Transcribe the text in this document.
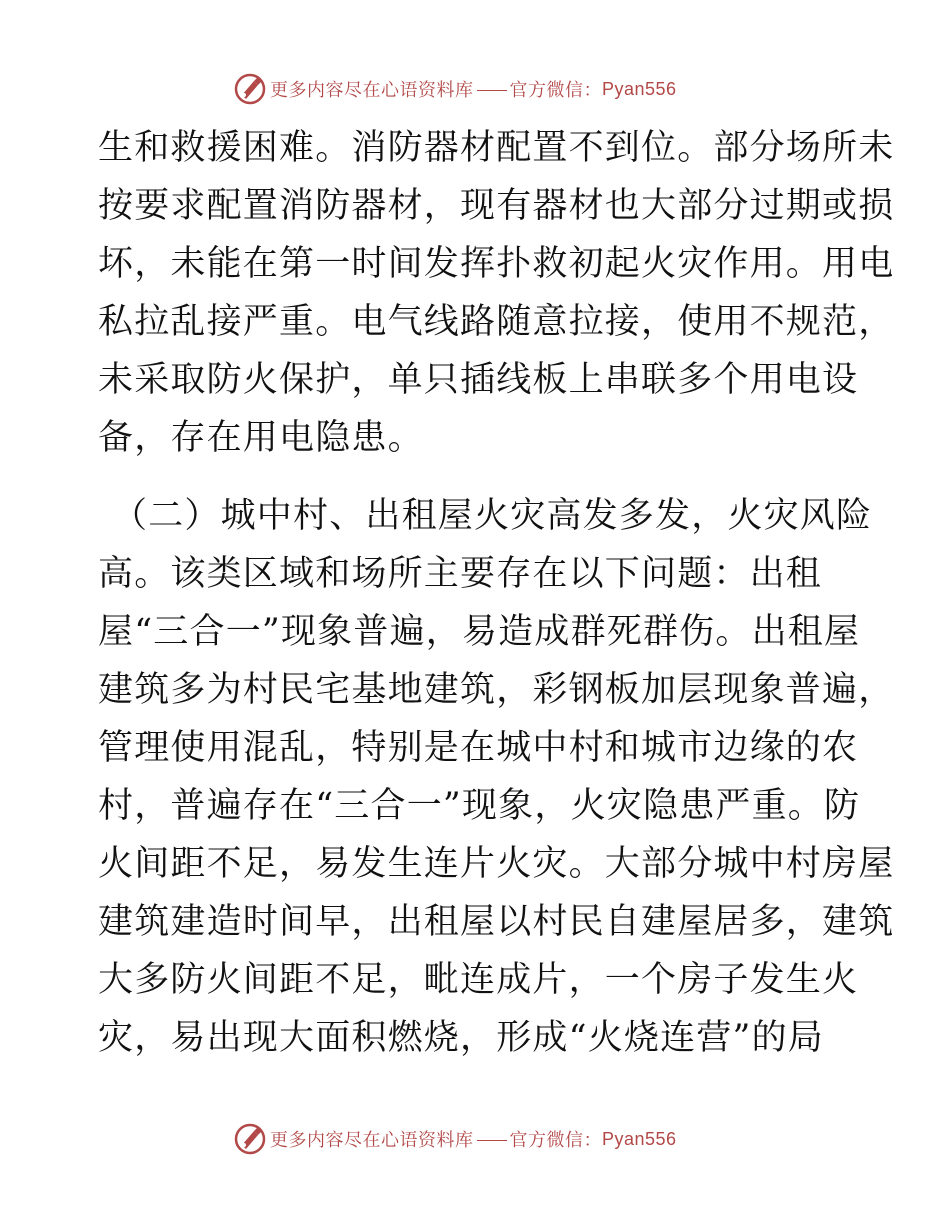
更多内容尽在心语资料库 官方微信： Pyan556
生和救援困难。消防器材配置不到位。部分场所未
按要求配置消防器材，现有器材也大部分过期或损
坏，未能在第一时间发挥扑救初起火灾作用。用电
私拉乱接严重。电气线路随意拉接，使用不规范，
未采取防火保护，单只插线板上串联多个用电设
备，存在用电隐患。
（二）城中村、出租屋火灾高发多发，火灾风险
高。该类区域和场所主要存在以下问题：出租
屋“三合一”现象普遍，易造成群死群伤。出租屋
建筑多为村民宅基地建筑，彩钢板加层现象普遍，
管理使用混乱，特别是在城中村和城市边缘的农
村，普遍存在“三合一”现象，火灾隐患严重。防
火间距不足，易发生连片火灾。大部分城中村房屋
建筑建造时间早，出租屋以村民自建屋居多，建筑
大多防火间距不足，毗连成片，一个房子发生火
灾，易出现大面积燃烧，形成“火烧连营”的局
更多内容尽在心语资料库 官方微信： Pyan556
